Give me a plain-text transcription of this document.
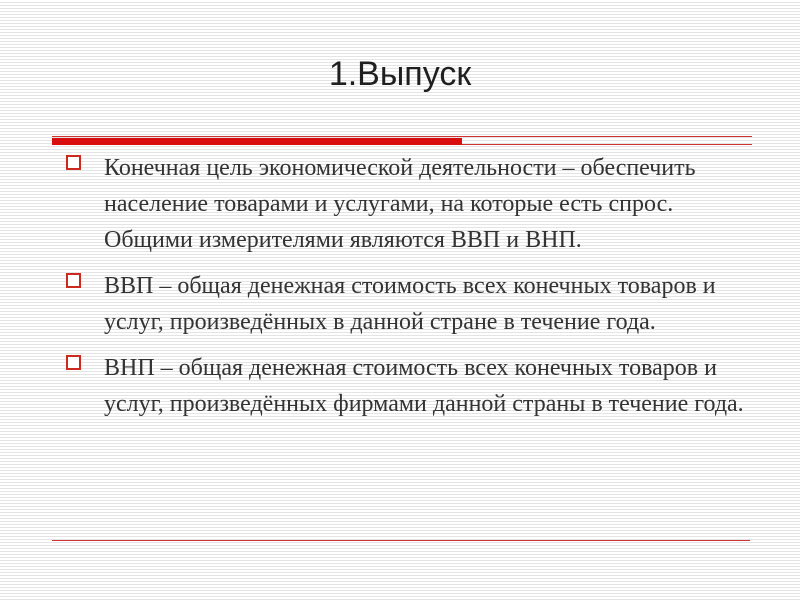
1.Выпуск
Конечная цель экономической деятельности – обеспечить население товарами и услугами, на которые есть спрос. Общими измерителями являются ВВП и ВНП.
ВВП – общая денежная стоимость всех конечных товаров и услуг, произведённых в данной стране в течение года.
ВНП – общая денежная стоимость всех конечных товаров и услуг, произведённых фирмами данной страны в течение года.
